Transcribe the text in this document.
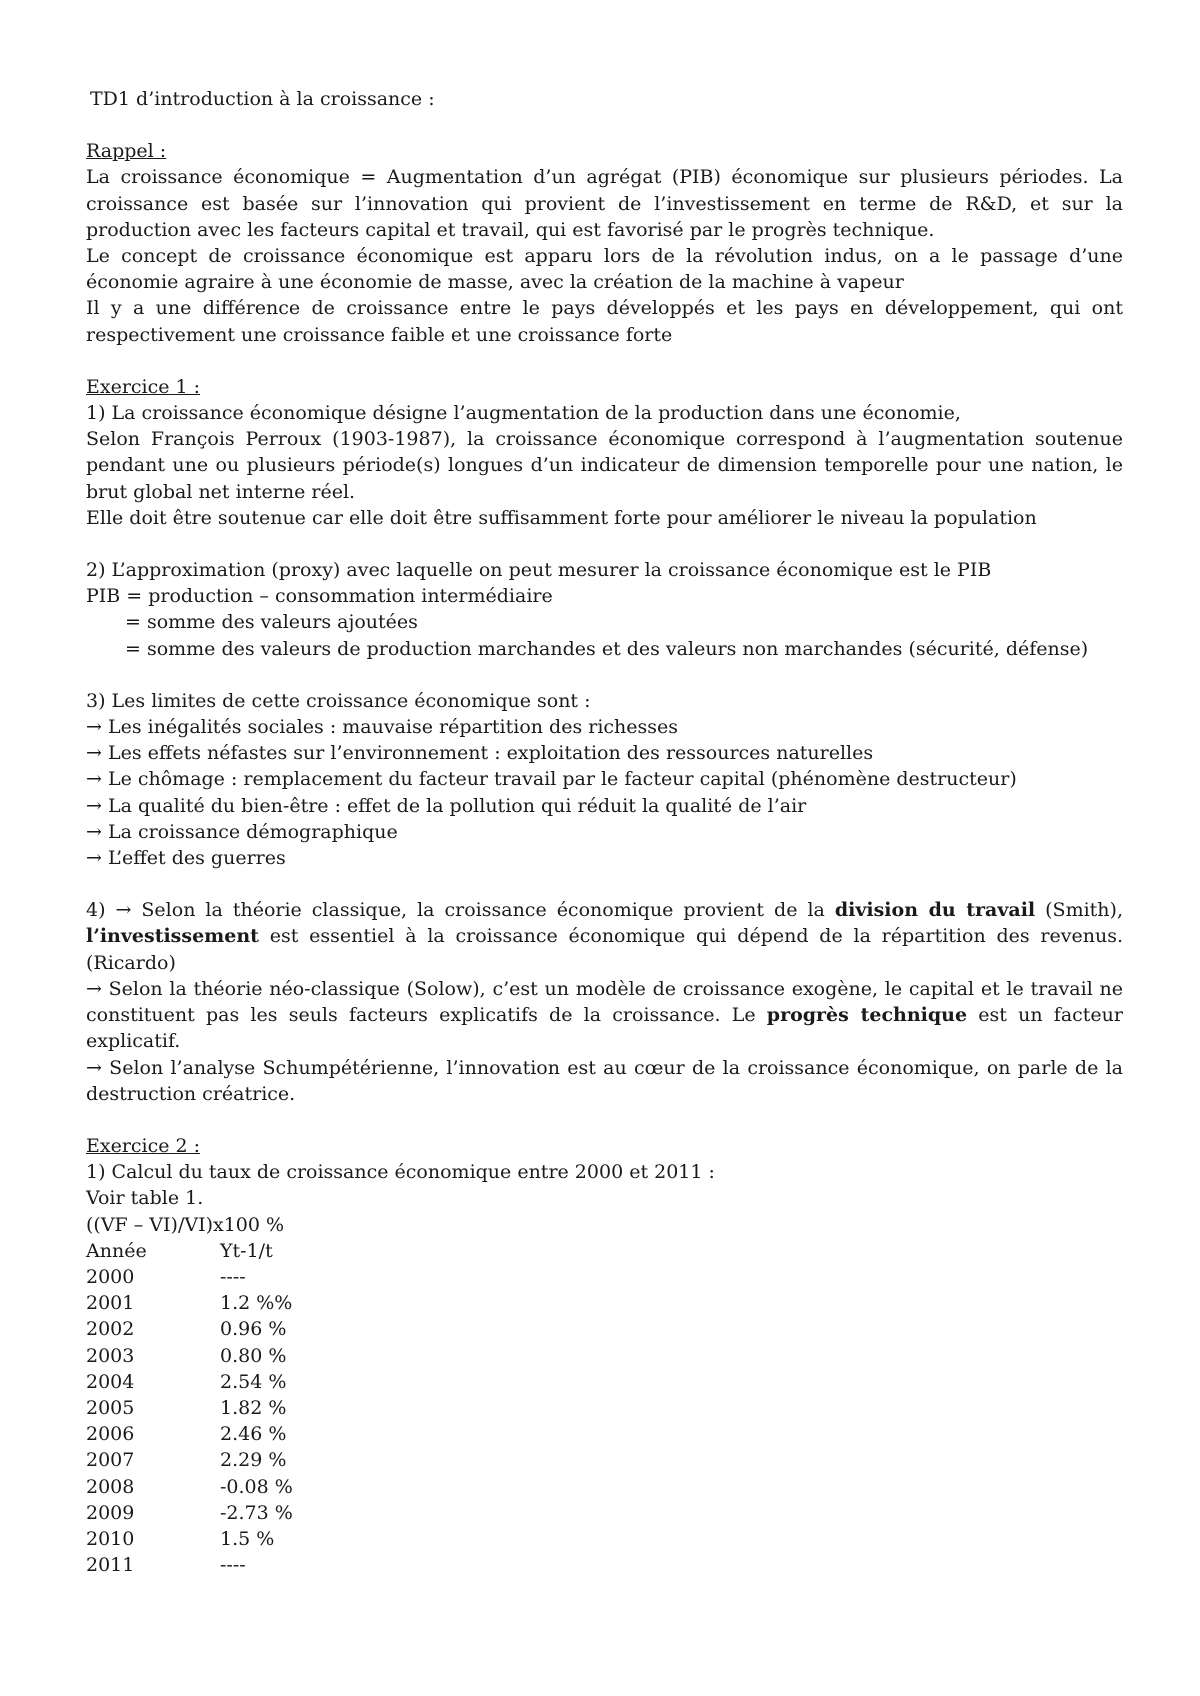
TD1 d’introduction à la croissance :

Rappel :

La croissance économique = Augmentation d’un agrégat (PIB) économique sur plusieurs périodes. La croissance est basée sur l’innovation qui provient de l’investissement en terme de R&D, et sur la production avec les facteurs capital et travail, qui est favorisé par le progrès technique.

Le concept de croissance économique est apparu lors de la révolution indus, on a le passage d’une économie agraire à une économie de masse, avec la création de la machine à vapeur

Il y a une différence de croissance entre le pays développés et les pays en développement, qui ont respectivement une croissance faible et une croissance forte

Exercice 1 :

1) La croissance économique désigne l’augmentation de la production dans une économie,

Selon François Perroux (1903-1987), la croissance économique correspond à l’augmentation soutenue pendant une ou plusieurs période(s) longues d’un indicateur de dimension temporelle pour une nation, le brut global net interne réel.

Elle doit être soutenue car elle doit être suffisamment forte pour améliorer le niveau la population

2) L’approximation (proxy) avec laquelle on peut mesurer la croissance économique est le PIB

PIB = production – consommation intermédiaire

= somme des valeurs ajoutées

= somme des valeurs de production marchandes et des valeurs non marchandes (sécurité, défense)

3) Les limites de cette croissance économique sont :

→ Les inégalités sociales : mauvaise répartition des richesses

→ Les effets néfastes sur l’environnement : exploitation des ressources naturelles

→ Le chômage : remplacement du facteur travail par le facteur capital (phénomène destructeur)

→ La qualité du bien-être : effet de la pollution qui réduit la qualité de l’air

→ La croissance démographique

→ L’effet des guerres

4) → Selon la théorie classique, la croissance économique provient de la division du travail (Smith), l’investissement est essentiel à la croissance économique qui dépend de la répartition des revenus. (Ricardo)

→ Selon la théorie néo-classique (Solow), c’est un modèle de croissance exogène, le capital et le travail ne constituent pas les seuls facteurs explicatifs de la croissance. Le progrès technique est un facteur explicatif.

→ Selon l’analyse Schumpétérienne, l’innovation est au cœur de la croissance économique, on parle de la destruction créatrice.

Exercice 2 :

1) Calcul du taux de croissance économique entre 2000 et 2011 :

Voir table 1.

((VF – VI)/VI)x100 %

Année	Yt-1/t
2000	----
2001	1.2 %%
2002	0.96 %
2003	0.80 %
2004	2.54 %
2005	1.82 %
2006	2.46 %
2007	2.29 %
2008	-0.08 %
2009	-2.73 %
2010	1.5 %
2011	----
